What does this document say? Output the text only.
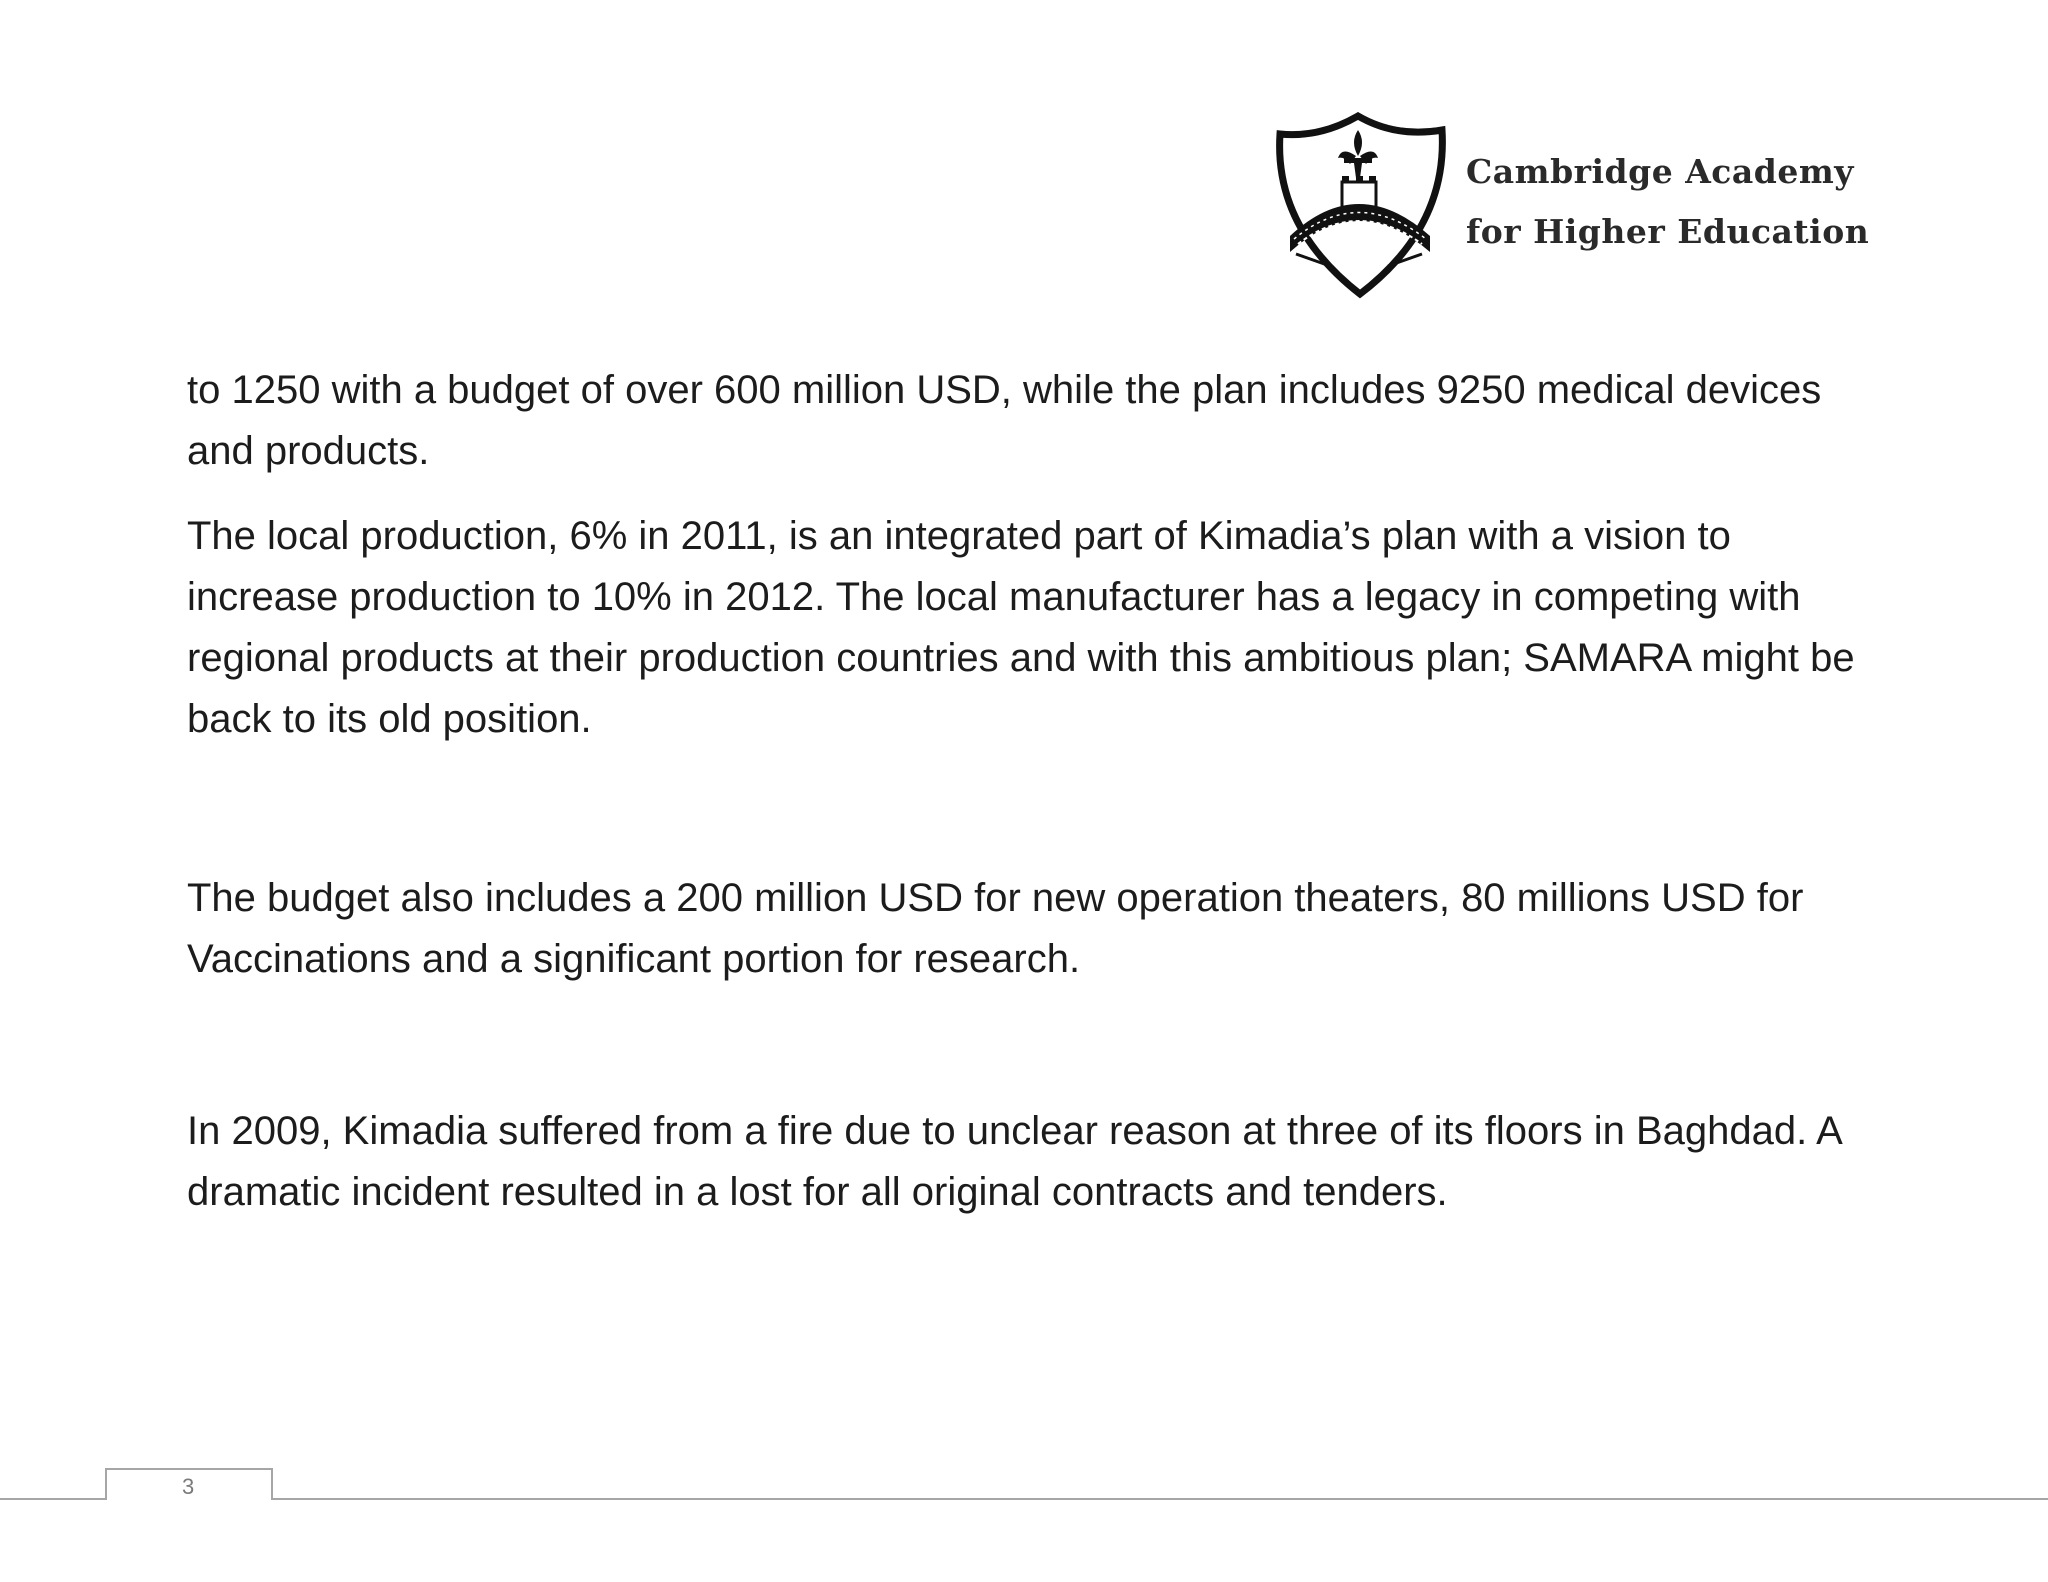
Cambridge Academy
for Higher Education

to 1250 with a budget of over 600 million USD, while the plan includes 9250 medical devices and products.

The local production, 6% in 2011, is an integrated part of Kimadia’s plan with a vision to increase production to 10% in 2012. The local manufacturer has a legacy in competing with regional products at their production countries and with this ambitious plan; SAMARA might be back to its old position.

The budget also includes a 200 million USD for new operation theaters, 80 millions USD for Vaccinations and a significant portion for research.

In 2009, Kimadia suffered from a fire due to unclear reason at three of its floors in Baghdad. A dramatic incident resulted in a lost for all original contracts and tenders.

3
